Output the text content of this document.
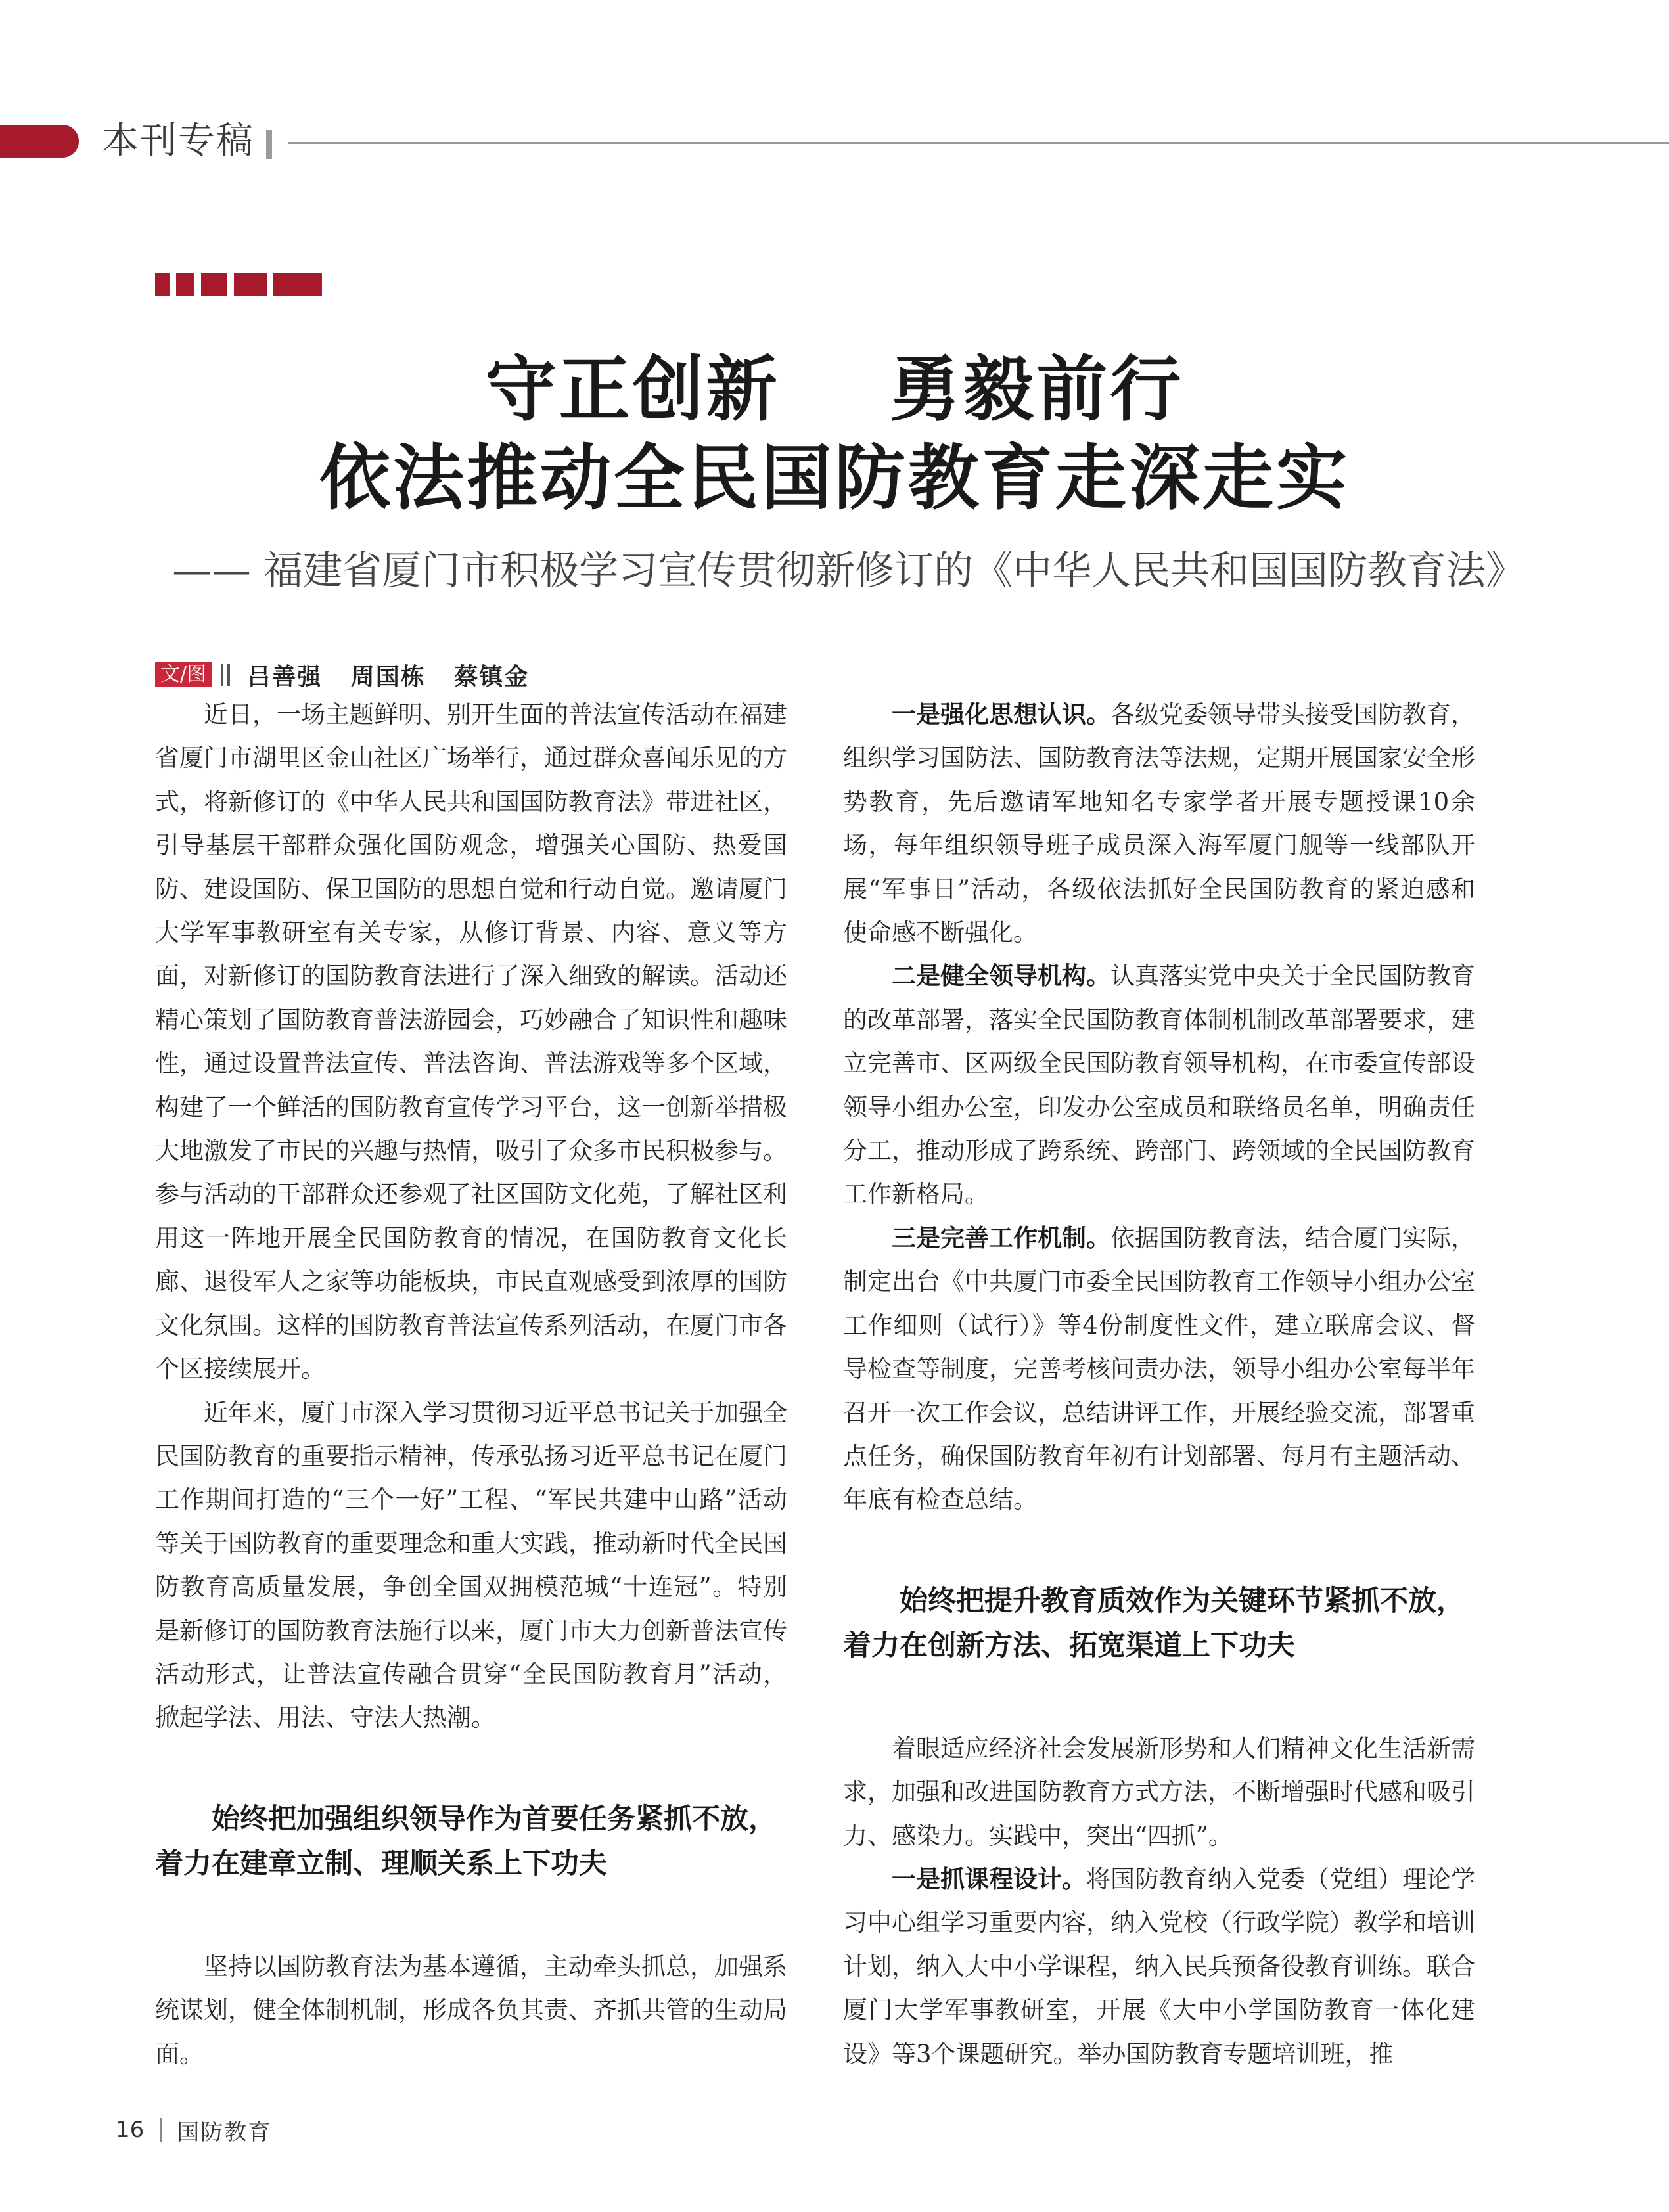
本刊专稿
守正创新    勇毅前行
依法推动全民国防教育走深走实
—— 福建省厦门市积极学习宣传贯彻新修订的《中华人民共和国国防教育法》
文/图 吕善强   周国栋   蔡镇金

近日，一场主题鲜明、别开生面的普法宣传活动在福建省厦门市湖里区金山社区广场举行，通过群众喜闻乐见的方式，将新修订的《中华人民共和国国防教育法》带进社区，引导基层干部群众强化国防观念，增强关心国防、热爱国防、建设国防、保卫国防的思想自觉和行动自觉。邀请厦门大学军事教研室有关专家，从修订背景、内容、意义等方面，对新修订的国防教育法进行了深入细致的解读。活动还精心策划了国防教育普法游园会，巧妙融合了知识性和趣味性，通过设置普法宣传、普法咨询、普法游戏等多个区域，构建了一个鲜活的国防教育宣传学习平台，这一创新举措极大地激发了市民的兴趣与热情，吸引了众多市民积极参与。参与活动的干部群众还参观了社区国防文化苑，了解社区利用这一阵地开展全民国防教育的情况，在国防教育文化长廊、退役军人之家等功能板块，市民直观感受到浓厚的国防文化氛围。这样的国防教育普法宣传系列活动，在厦门市各个区接续展开。

近年来，厦门市深入学习贯彻习近平总书记关于加强全民国防教育的重要指示精神，传承弘扬习近平总书记在厦门工作期间打造的“三个一好”工程、“军民共建中山路”活动等关于国防教育的重要理念和重大实践，推动新时代全民国防教育高质量发展，争创全国双拥模范城“十连冠”。特别是新修订的国防教育法施行以来，厦门市大力创新普法宣传活动形式，让普法宣传融合贯穿“全民国防教育月”活动，掀起学法、用法、守法大热潮。

始终把加强组织领导作为首要任务紧抓不放，
着力在建章立制、理顺关系上下功夫

坚持以国防教育法为基本遵循，主动牵头抓总，加强系统谋划，健全体制机制，形成各负其责、齐抓共管的生动局面。

一是强化思想认识。各级党委领导带头接受国防教育，组织学习国防法、国防教育法等法规，定期开展国家安全形势教育，先后邀请军地知名专家学者开展专题授课10余场，每年组织领导班子成员深入海军厦门舰等一线部队开展“军事日”活动，各级依法抓好全民国防教育的紧迫感和使命感不断强化。

二是健全领导机构。认真落实党中央关于全民国防教育的改革部署，落实全民国防教育体制机制改革部署要求，建立完善市、区两级全民国防教育领导机构，在市委宣传部设领导小组办公室，印发办公室成员和联络员名单，明确责任分工，推动形成了跨系统、跨部门、跨领域的全民国防教育工作新格局。

三是完善工作机制。依据国防教育法，结合厦门实际，制定出台《中共厦门市委全民国防教育工作领导小组办公室工作细则（试行）》等4份制度性文件，建立联席会议、督导检查等制度，完善考核问责办法，领导小组办公室每半年召开一次工作会议，总结讲评工作，开展经验交流，部署重点任务，确保国防教育年初有计划部署、每月有主题活动、年底有检查总结。

始终把提升教育质效作为关键环节紧抓不放，
着力在创新方法、拓宽渠道上下功夫

着眼适应经济社会发展新形势和人们精神文化生活新需求，加强和改进国防教育方式方法，不断增强时代感和吸引力、感染力。实践中，突出“四抓”。

一是抓课程设计。将国防教育纳入党委（党组）理论学习中心组学习重要内容，纳入党校（行政学院）教学和培训计划，纳入大中小学课程，纳入民兵预备役教育训练。联合厦门大学军事教研室，开展《大中小学国防教育一体化建设》等3个课题研究。举办国防教育专题培训班，推

16 国防教育
